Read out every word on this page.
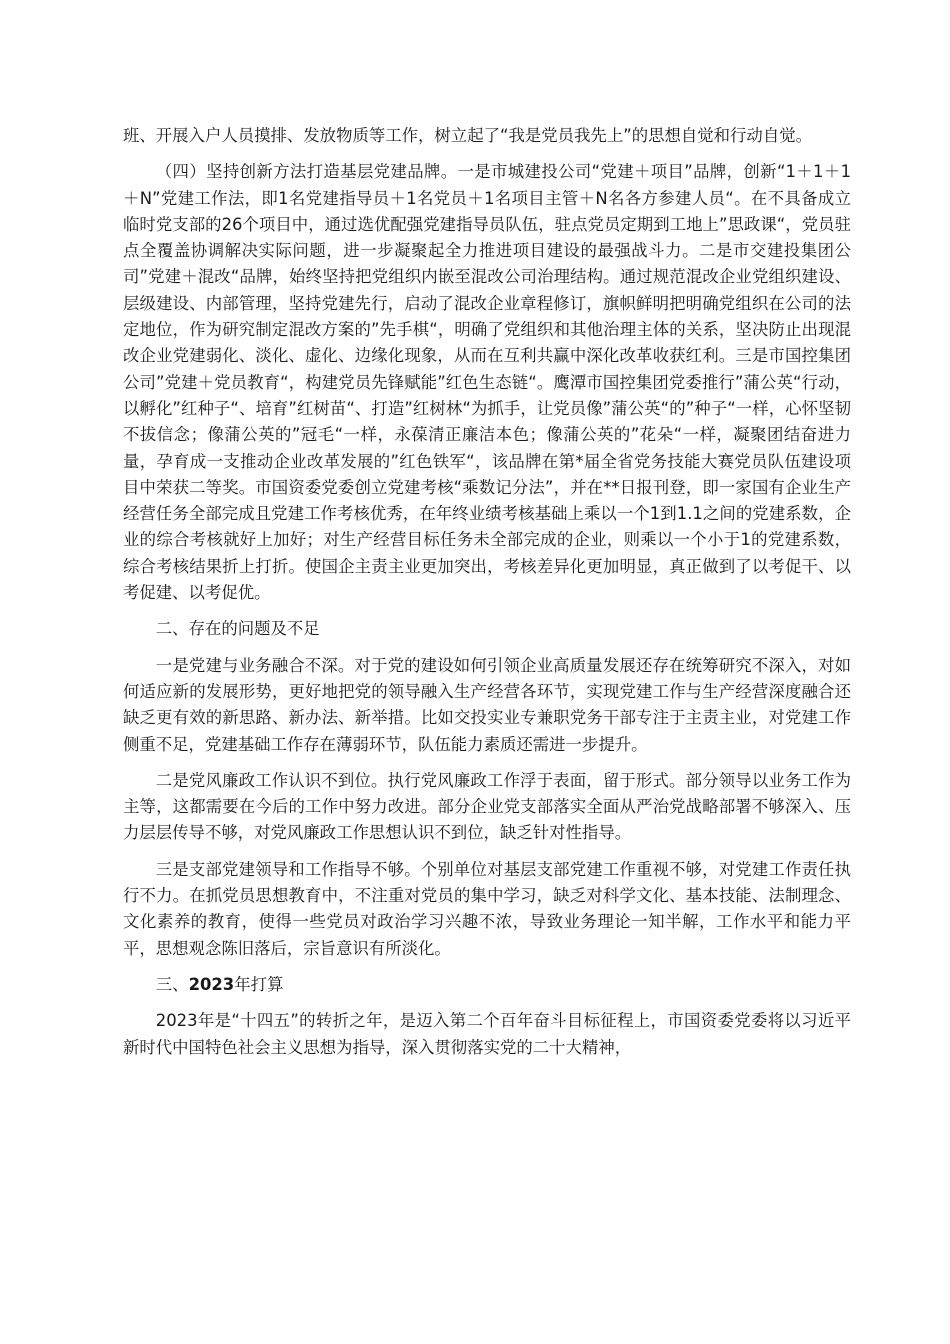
班、开展入户人员摸排、发放物质等工作，树立起了“我是党员我先上”的思想自觉和行动自觉。

（四）坚持创新方法打造基层党建品牌。一是市城建投公司“党建＋项目”品牌，创新“1＋1＋1＋N”党建工作法，即1名党建指导员＋1名党员＋1名项目主管＋N名各方参建人员“。在不具备成立临时党支部的26个项目中，通过选优配强党建指导员队伍，驻点党员定期到工地上”思政课“，党员驻点全覆盖协调解决实际问题，进一步凝聚起全力推进项目建设的最强战斗力。二是市交建投集团公司”党建＋混改“品牌，始终坚持把党组织内嵌至混改公司治理结构。通过规范混改企业党组织建设、层级建设、内部管理，坚持党建先行，启动了混改企业章程修订，旗帜鲜明把明确党组织在公司的法定地位，作为研究制定混改方案的”先手棋“，明确了党组织和其他治理主体的关系，坚决防止出现混改企业党建弱化、淡化、虚化、边缘化现象，从而在互利共赢中深化改革收获红利。三是市国控集团公司”党建＋党员教育“，构建党员先锋赋能”红色生态链“。鹰潭市国控集团党委推行”蒲公英“行动，以孵化”红种子“、培育”红树苗“、打造”红树林“为抓手，让党员像”蒲公英“的”种子“一样，心怀坚韧不拔信念；像蒲公英的”冠毛“一样，永葆清正廉洁本色；像蒲公英的”花朵“一样，凝聚团结奋进力量，孕育成一支推动企业改革发展的”红色铁军“，该品牌在第*届全省党务技能大赛党员队伍建设项目中荣获二等奖。市国资委党委创立党建考核“乘数记分法”，并在**日报刊登，即一家国有企业生产经营任务全部完成且党建工作考核优秀，在年终业绩考核基础上乘以一个1到1.1之间的党建系数，企业的综合考核就好上加好；对生产经营目标任务未全部完成的企业，则乘以一个小于1的党建系数，综合考核结果折上打折。使国企主责主业更加突出，考核差异化更加明显，真正做到了以考促干、以考促建、以考促优。

二、存在的问题及不足

一是党建与业务融合不深。对于党的建设如何引领企业高质量发展还存在统筹研究不深入，对如何适应新的发展形势，更好地把党的领导融入生产经营各环节，实现党建工作与生产经营深度融合还缺乏更有效的新思路、新办法、新举措。比如交投实业专兼职党务干部专注于主责主业，对党建工作侧重不足，党建基础工作存在薄弱环节，队伍能力素质还需进一步提升。

二是党风廉政工作认识不到位。执行党风廉政工作浮于表面，留于形式。部分领导以业务工作为主等，这都需要在今后的工作中努力改进。部分企业党支部落实全面从严治党战略部署不够深入、压力层层传导不够，对党风廉政工作思想认识不到位，缺乏针对性指导。

三是支部党建领导和工作指导不够。个别单位对基层支部党建工作重视不够，对党建工作责任执行不力。在抓党员思想教育中，不注重对党员的集中学习，缺乏对科学文化、基本技能、法制理念、文化素养的教育，使得一些党员对政治学习兴趣不浓，导致业务理论一知半解，工作水平和能力平平，思想观念陈旧落后，宗旨意识有所淡化。

三、2023年打算

2023年是“十四五”的转折之年，是迈入第二个百年奋斗目标征程上，市国资委党委将以习近平新时代中国特色社会主义思想为指导，深入贯彻落实党的二十大精神，
